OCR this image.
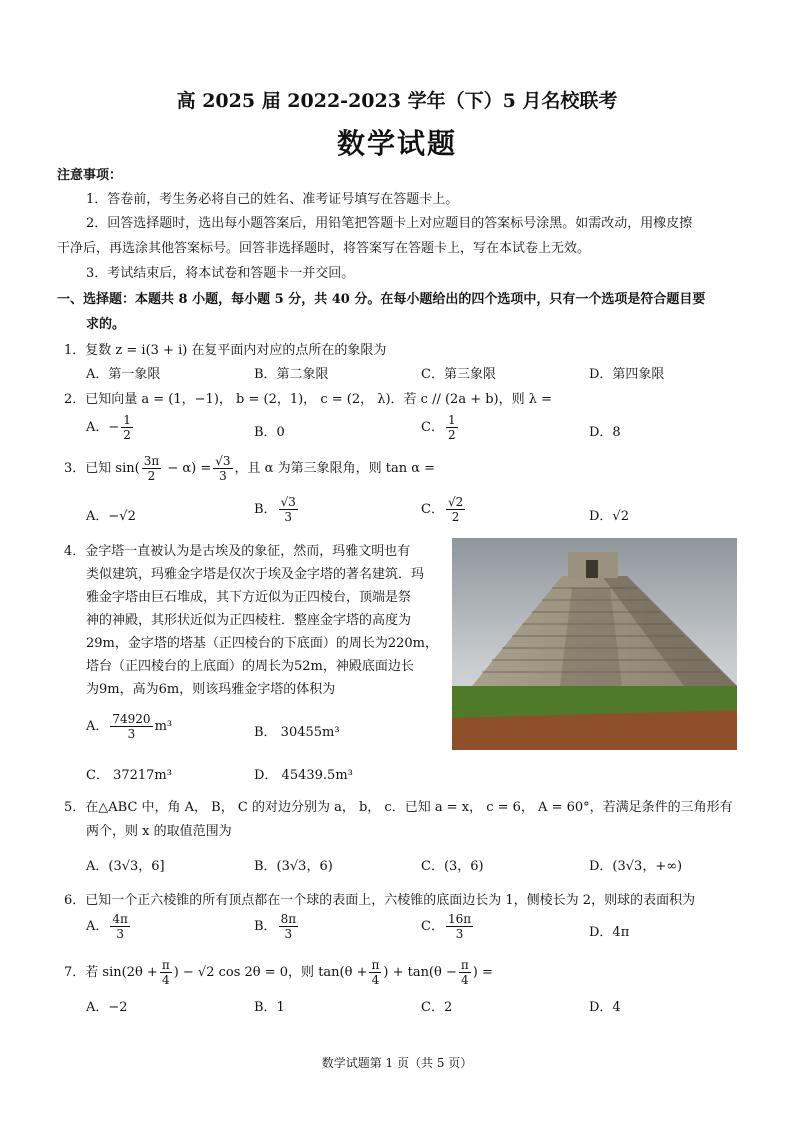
高 2025 届 2022-2023 学年（下）5 月名校联考
数学试题
注意事项：
1．答卷前，考生务必将自己的姓名、准考证号填写在答题卡上。
2．回答选择题时，选出每小题答案后，用铅笔把答题卡上对应题目的答案标号涂黑。如需改动，用橡皮擦
干净后，再选涂其他答案标号。回答非选择题时，将答案写在答题卡上，写在本试卷上无效。
3．考试结束后，将本试卷和答题卡一并交回。
一、选择题：本题共 8 小题，每小题 5 分，共 40 分。在每小题给出的四个选项中，只有一个选项是符合题目要
求的。
1．复数 z = i(3 + i) 在复平面内对应的点所在的象限为
A．第一象限	B．第二象限	C．第三象限	D．第四象限
2．已知向量 a = (1，−1)， b = (2，1)， c = (2， λ)．若 c // (2a + b)，则 λ =
A．− $\frac{1}{2}$	B．0	C． $\frac{1}{2}$	D．8
3．已知 $\sin( \frac{3\pi}{2} - \alpha) = \frac{√3}{3}$ ，且 α 为第三象限角，则 tan α =
A．−√2	B． $\frac{√3}{3}$	C． $\frac{√2}{2}$	D．√2
4．金字塔一直被认为是古埃及的象征，然而，玛雅文明也有
类似建筑，玛雅金字塔是仅次于埃及金字塔的著名建筑．玛
雅金字塔由巨石堆成，其下方近似为正四棱台，顶端是祭
神的神殿，其形状近似为正四棱柱．整座金字塔的高度为
29m，金字塔的塔基（正四棱台的下底面）的周长为220m，
塔台（正四棱台的上底面）的周长为52m，神殿底面边长
为9m，高为6m，则该玛雅金字塔的体积为
A． $\frac{74920}{3} m^3$	B． 30455m³
C． 37217m³	D． 45439.5m³
5．在△ABC 中，角 A， B， C 的对边分别为 a， b， c．已知 a = x， c = 6， A = 60°，若满足条件的三角形有
两个，则 x 的取值范围为
A．(3√3，6]	B．(3√3，6)	C．(3，6)	D．(3√3，+∞)
6．已知一个正六棱锥的所有顶点都在一个球的表面上，六棱锥的底面边长为 1，侧棱长为 2，则球的表面积为
A． $\frac{4\pi}{3}$	B． $\frac{8\pi}{3}$	C． $\frac{16\pi}{3}$	D．4π
7．若 $\sin(2\theta + \frac{\pi}{4}$ ) − √2 cos 2θ = 0，则 $\tan(\theta + \frac{\pi}{4}$ ) + $\tan(\theta - \frac{\pi}{4}$ ) =
A．−2	B．1	C．2	D．4
数学试题第 1 页（共 5 页）
